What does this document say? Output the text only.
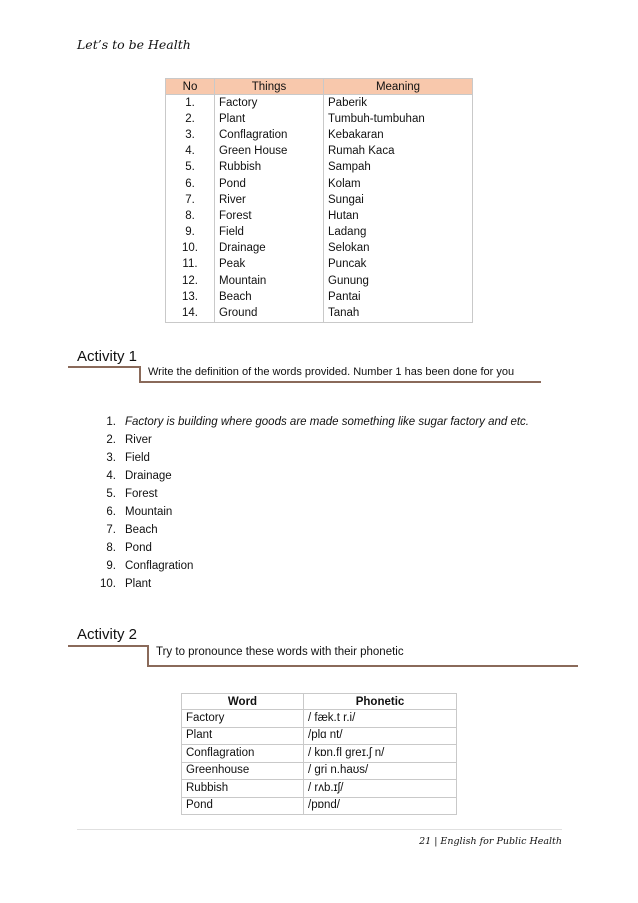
Let’s to be Health
No	Things	Meaning
1.	Factory	Paberik
2.	Plant	Tumbuh-tumbuhan
3.	Conflagration	Kebakaran
4.	Green House	Rumah Kaca
5.	Rubbish	Sampah
6.	Pond	Kolam
7.	River	Sungai
8.	Forest	Hutan
9.	Field	Ladang
10.	Drainage	Selokan
11.	Peak	Puncak
12.	Mountain	Gunung
13.	Beach	Pantai
14.	Ground	Tanah
Activity 1
Write the definition of the words provided. Number 1 has been done for you
1. Factory is building where goods are made something like sugar factory and etc.
2. River
3. Field
4. Drainage
5. Forest
6. Mountain
7. Beach
8. Pond
9. Conflagration
10. Plant
Activity 2
Try to pronounce these words with their phonetic
Word	Phonetic
Factory	/ fæk.t r.i/
Plant	/plɑ nt/
Conflagration	/ kɒn.fl greɪ.ʃ n/
Greenhouse	/ gri n.haʊs/
Rubbish	/ rʌb.ɪʃ/
Pond	/pɒnd/
21 | English for Public Health
